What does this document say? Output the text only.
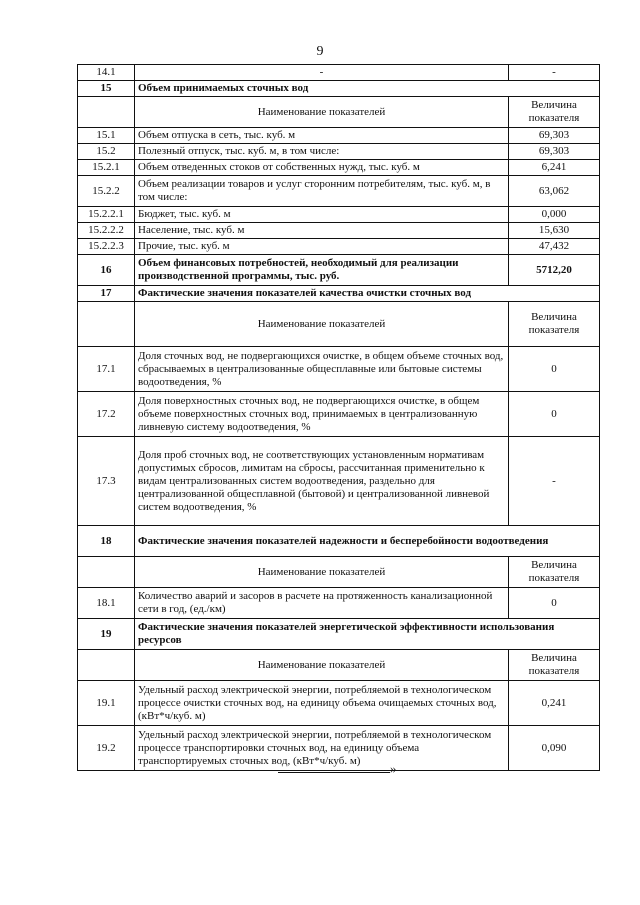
9
14.1	-	-
15	Объем принимаемых сточных вод	
	Наименование показателей	Величина показателя
15.1	Объем отпуска в сеть, тыс. куб. м	69,303
15.2	Полезный отпуск, тыс. куб. м, в том числе:	69,303
15.2.1	Объем отведенных стоков от собственных нужд, тыс. куб. м	6,241
15.2.2	Объем реализации товаров и услуг сторонним потребителям, тыс. куб. м, в том числе:	63,062
15.2.2.1	Бюджет, тыс. куб. м	0,000
15.2.2.2	Население, тыс. куб. м	15,630
15.2.2.3	Прочие, тыс. куб. м	47,432
16	Объем финансовых потребностей, необходимый для реализации производственной программы, тыс. руб.	5712,20
17	Фактические значения показателей качества очистки сточных вод	
	Наименование показателей	Величина показателя
17.1	Доля сточных вод, не подвергающихся очистке, в общем объеме сточных вод, сбрасываемых в централизованные общесплавные или бытовые системы водоотведения, %	0
17.2	Доля поверхностных сточных вод, не подвергающихся очистке, в общем объеме поверхностных сточных вод, принимаемых в централизованную ливневую систему водоотведения, %	0
17.3	Доля проб сточных вод, не соответствующих установленным нормативам допустимых сбросов, лимитам на сбросы, рассчитанная применительно к видам централизованных систем водоотведения, раздельно для централизованной общесплавной (бытовой) и централизованной ливневой систем водоотведения, %	-
18	Фактические значения показателей надежности и бесперебойности водоотведения	
	Наименование показателей	Величина показателя
18.1	Количество аварий и засоров в расчете на протяженность канализационной сети в год, (ед./км)	0
19	Фактические значения показателей энергетической эффективности использования ресурсов	
	Наименование показателей	Величина показателя
19.1	Удельный расход электрической энергии, потребляемой в технологическом процессе очистки сточных вод, на единицу объема очищаемых сточных вод, (кВт*ч/куб. м)	0,241
19.2	Удельный расход электрической энергии, потребляемой в технологическом процессе транспортировки сточных вод, на единицу объема транспортируемых сточных вод, (кВт*ч/куб. м)	0,090
»
